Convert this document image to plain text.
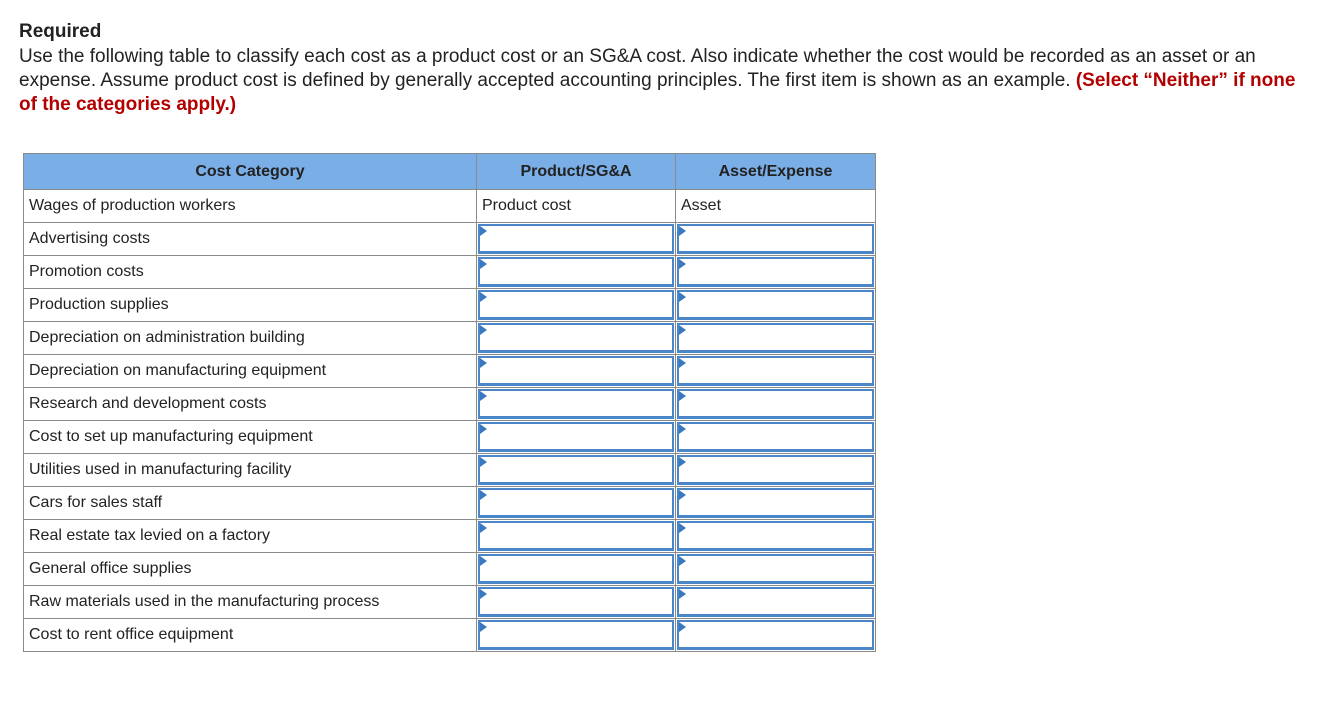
Required
Use the following table to classify each cost as a product cost or an SG&A cost. Also indicate whether the cost would be recorded as an asset or an expense. Assume product cost is defined by generally accepted accounting principles. The first item is shown as an example. (Select “Neither” if none of the categories apply.)
Cost Category	Product/SG&A	Asset/Expense
Wages of production workers	Product cost	Asset
Advertising costs	

Promotion costs	

Production supplies	

Depreciation on administration building	

Depreciation on manufacturing equipment	

Research and development costs	

Cost to set up manufacturing equipment	

Utilities used in manufacturing facility	

Cars for sales staff	

Real estate tax levied on a factory	

General office supplies	

Raw materials used in the manufacturing process	

Cost to rent office equipment	
